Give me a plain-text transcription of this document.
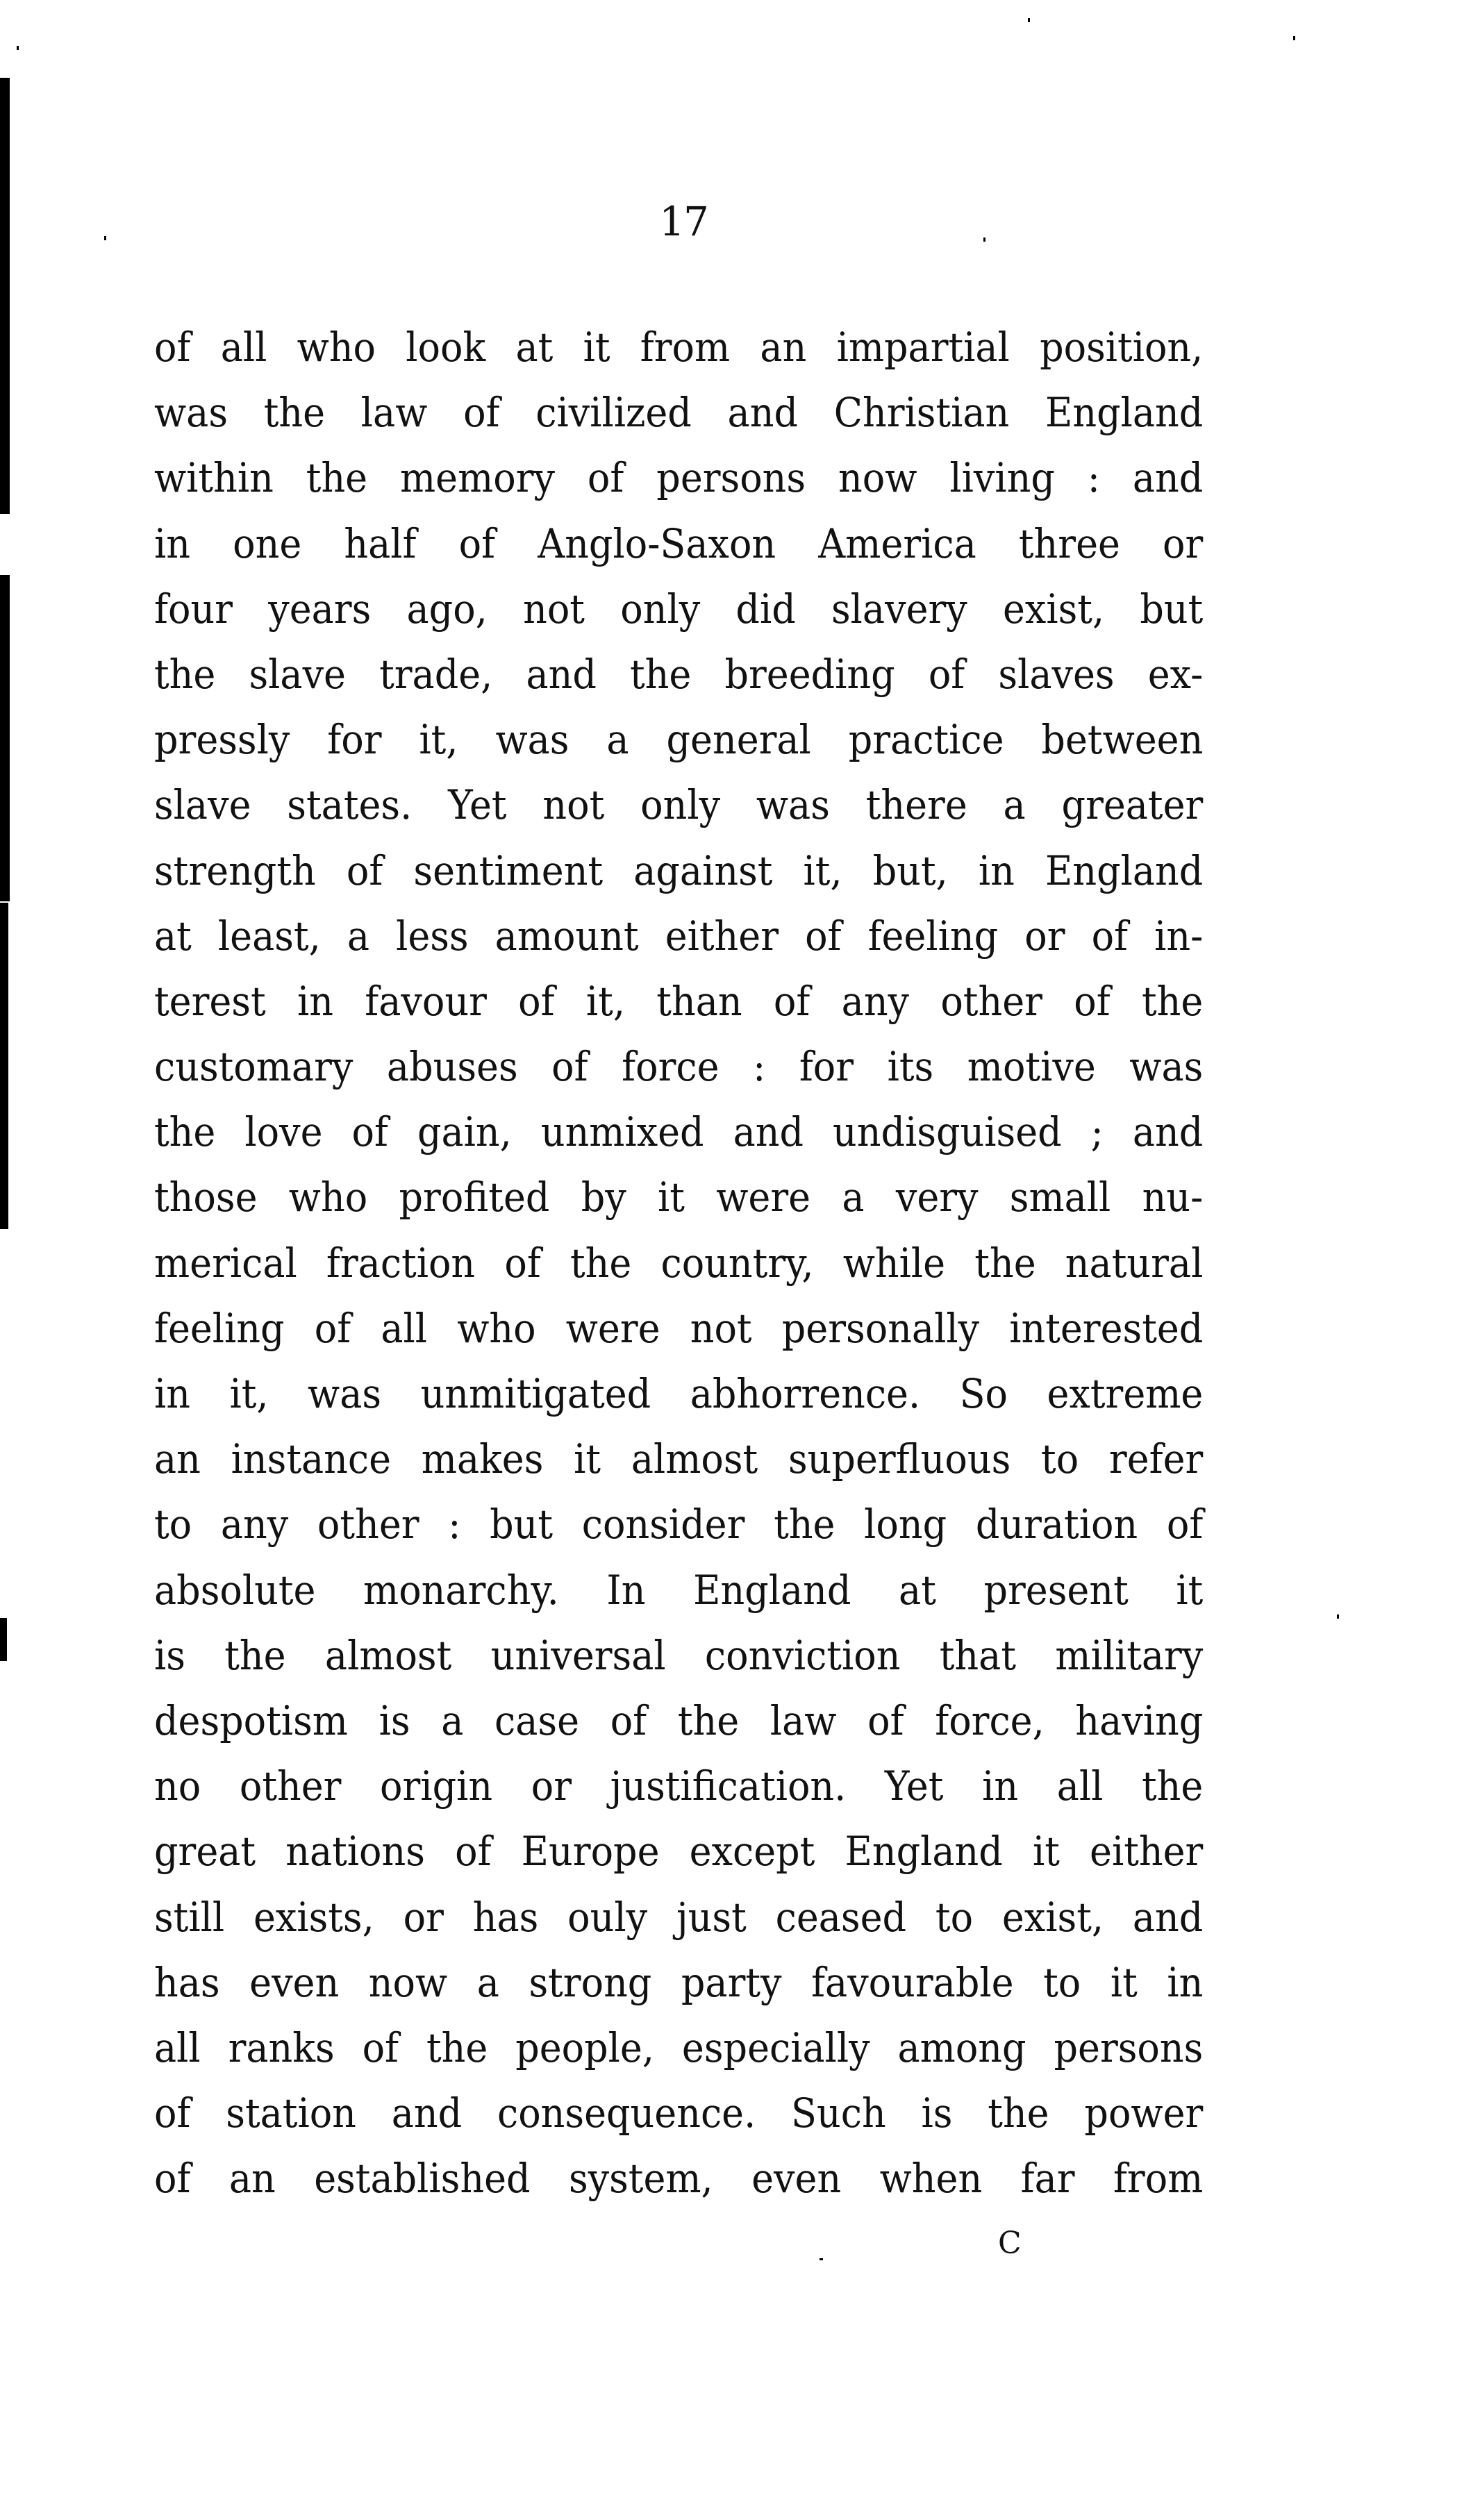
17
of all who look at it from an impartial position,
was the law of civilized and Christian England
within the memory of persons now living : and
in one half of Anglo-Saxon America three or
four years ago, not only did slavery exist, but
the slave trade, and the breeding of slaves ex-
pressly for it, was a general practice between
slave states. Yet not only was there a greater
strength of sentiment against it, but, in England
at least, a less amount either of feeling or of in-
terest in favour of it, than of any other of the
customary abuses of force : for its motive was
the love of gain, unmixed and undisguised ; and
those who profited by it were a very small nu-
merical fraction of the country, while the natural
feeling of all who were not personally interested
in it, was unmitigated abhorrence. So extreme
an instance makes it almost superfluous to refer
to any other : but consider the long duration of
absolute monarchy. In England at present it
is the almost universal conviction that military
despotism is a case of the law of force, having
no other origin or justification. Yet in all the
great nations of Europe except England it either
still exists, or has ouly just ceased to exist, and
has even now a strong party favourable to it in
all ranks of the people, especially among persons
of station and consequence. Such is the power
of an established system, even when far from
C
